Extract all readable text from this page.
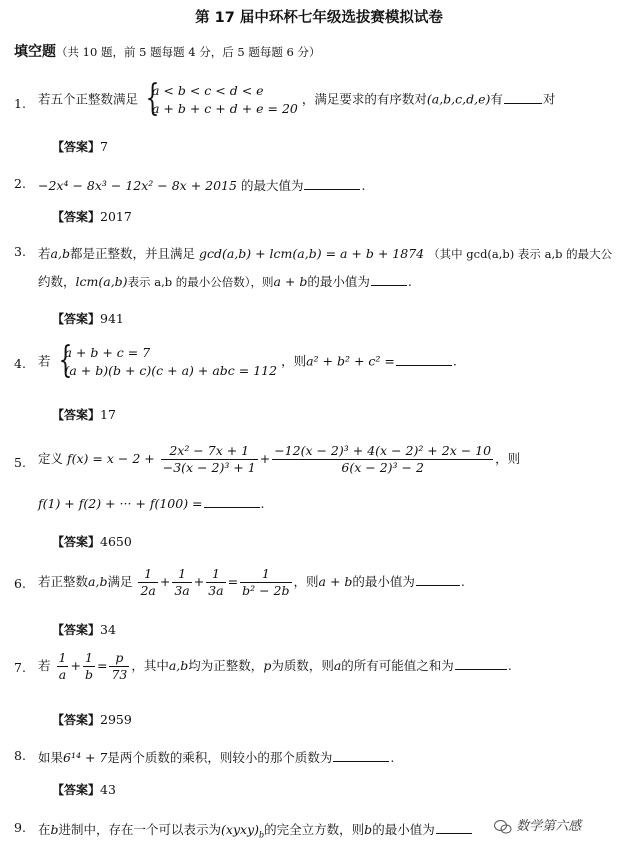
第 17 届中环杯七年级选拔赛模拟试卷
填空题（共 10 题，前 5 题每题 4 分，后 5 题每题 6 分）
1. 若五个正整数满足 {
a < b < c < d < e
a + b + c + d + e = 20
，满足要求的有序数对(a,b,c,d,e)有	对
【答案】7
2. −2x⁴ − 8x³ − 12x² − 8x + 2015 的最大值为	.
【答案】2017
3. 若a,b都是正整数，并且满足 gcd(a,b) + lcm(a,b) = a + b + 1874 （其中 gcd(a,b) 表示 a,b 的最大公
约数，lcm(a,b)表示 a,b 的最小公倍数），则a + b的最小值为	.
【答案】941
4. 若 {
a + b + c = 7
(a + b)(b + c)(c + a) + abc = 112
，则a² + b² + c² =	.
【答案】17
5. 定义 $f(x) = x - 2 + \frac{\text{2x² − 7x + 1}}{\text{−3(x − 2)³ + 1}} + \frac{\text{−12(x − 2)³ + 4(x − 2)² + 2x − 10}}{\text{6(x − 2)³ − 2}}$ ，则
f(1) + f(2) + ··· + f(100) =	.
【答案】4650
6. 若正整数a,b满足 $\frac{1}{2a} + \frac{1}{3a} + \frac{1}{3a} = \frac{1}{\text{b² − 2b}}$ ，则a + b的最小值为	.
【答案】34
7. 若 $\frac{1}{a} + \frac{1}{b} = \frac{p}{73}$ ，其中a,b均为正整数，p为质数，则a的所有可能值之和为	.
【答案】2959
8. 如果6¹⁴ + 7是两个质数的乘积，则较小的那个质数为	.
【答案】43
9. 在b进制中，存在一个可以表示为$(xyxy)_b$的完全立方数，则b的最小值为	数学第六感
